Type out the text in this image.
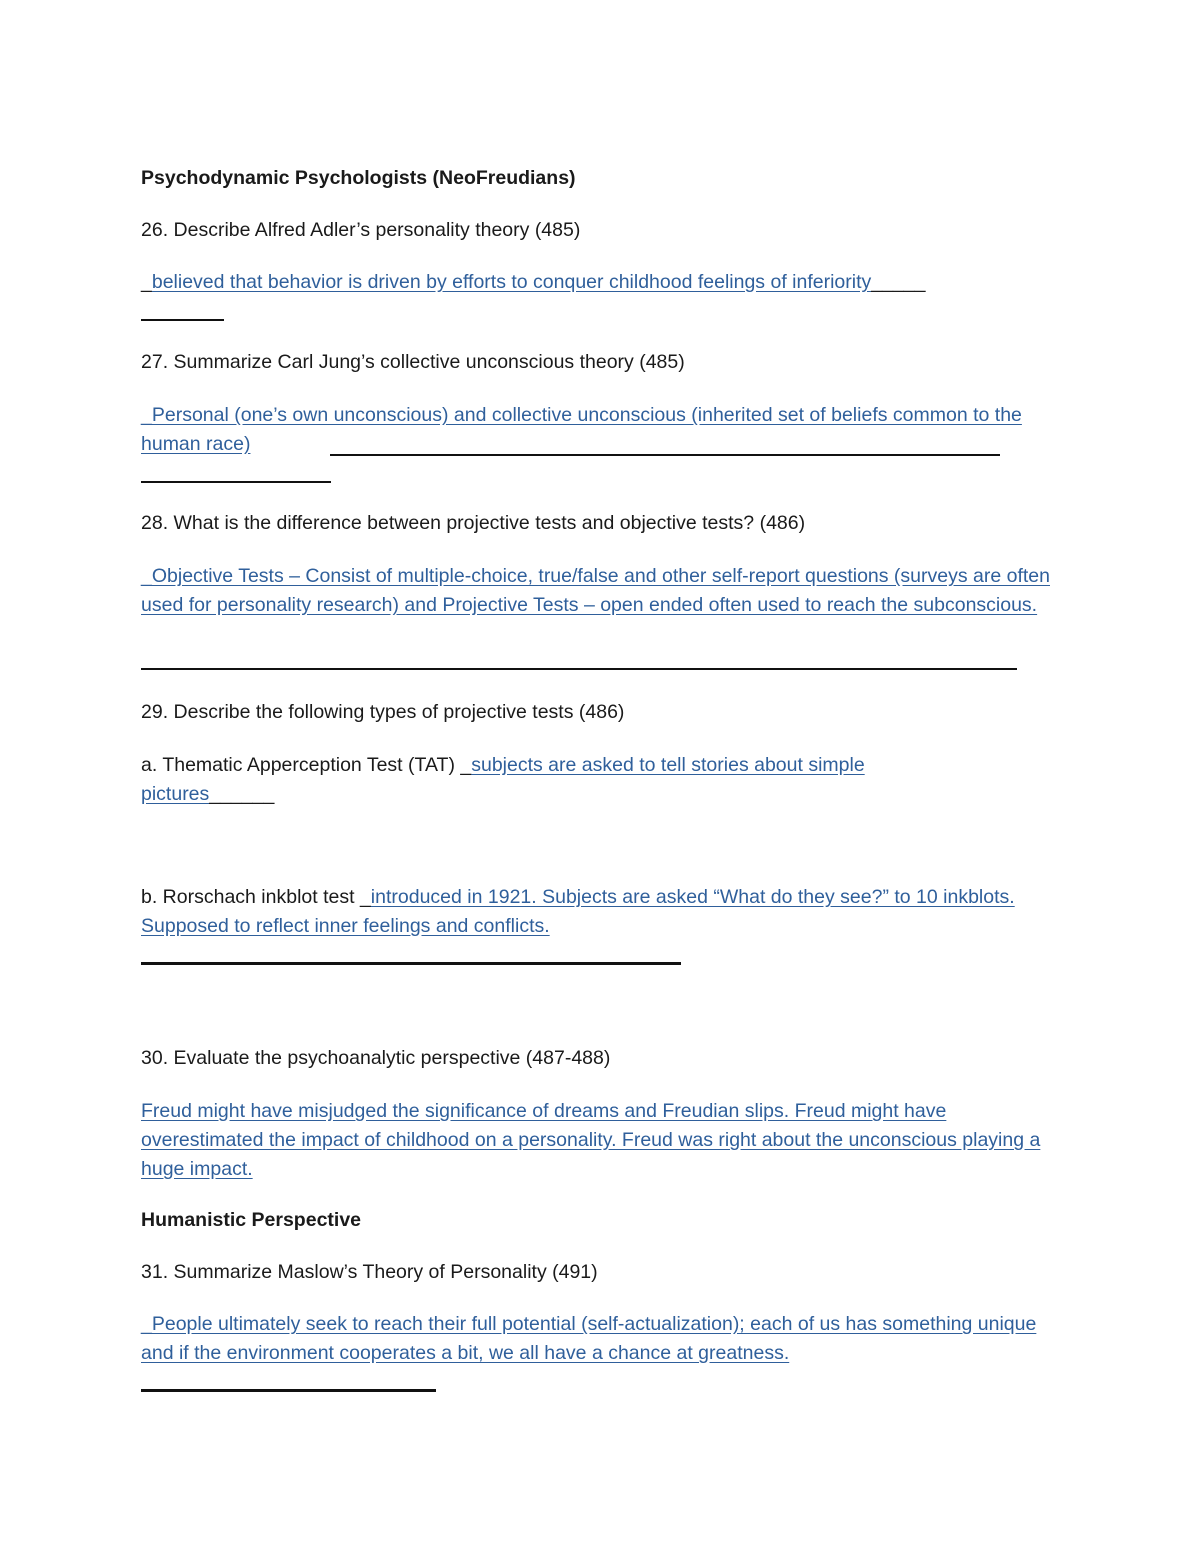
Psychodynamic Psychologists (NeoFreudians)
26. Describe Alfred Adler’s personality theory (485)
_believed that behavior is driven by efforts to conquer childhood feelings of inferiority_____
27. Summarize Carl Jung’s collective unconscious theory (485)
_Personal (one’s own unconscious) and collective unconscious (inherited set of beliefs common to the human race)
28. What is the difference between projective tests and objective tests? (486)
_Objective Tests – Consist of multiple-choice, true/false and other self-report questions (surveys are often used for personality research) and Projective Tests – open ended often used to reach the subconscious.
29. Describe the following types of projective tests (486)
a. Thematic Apperception Test (TAT) _subjects are asked to tell stories about simple pictures______
b. Rorschach inkblot test _introduced in 1921. Subjects are asked “What do they see?” to 10 inkblots. Supposed to reflect inner feelings and conflicts.
30. Evaluate the psychoanalytic perspective (487-488)
Freud might have misjudged the significance of dreams and Freudian slips. Freud might have overestimated the impact of childhood on a personality. Freud was right about the unconscious playing a huge impact.
Humanistic Perspective
31. Summarize Maslow’s Theory of Personality (491)
_People ultimately seek to reach their full potential (self-actualization); each of us has something unique and if the environment cooperates a bit, we all have a chance at greatness.
